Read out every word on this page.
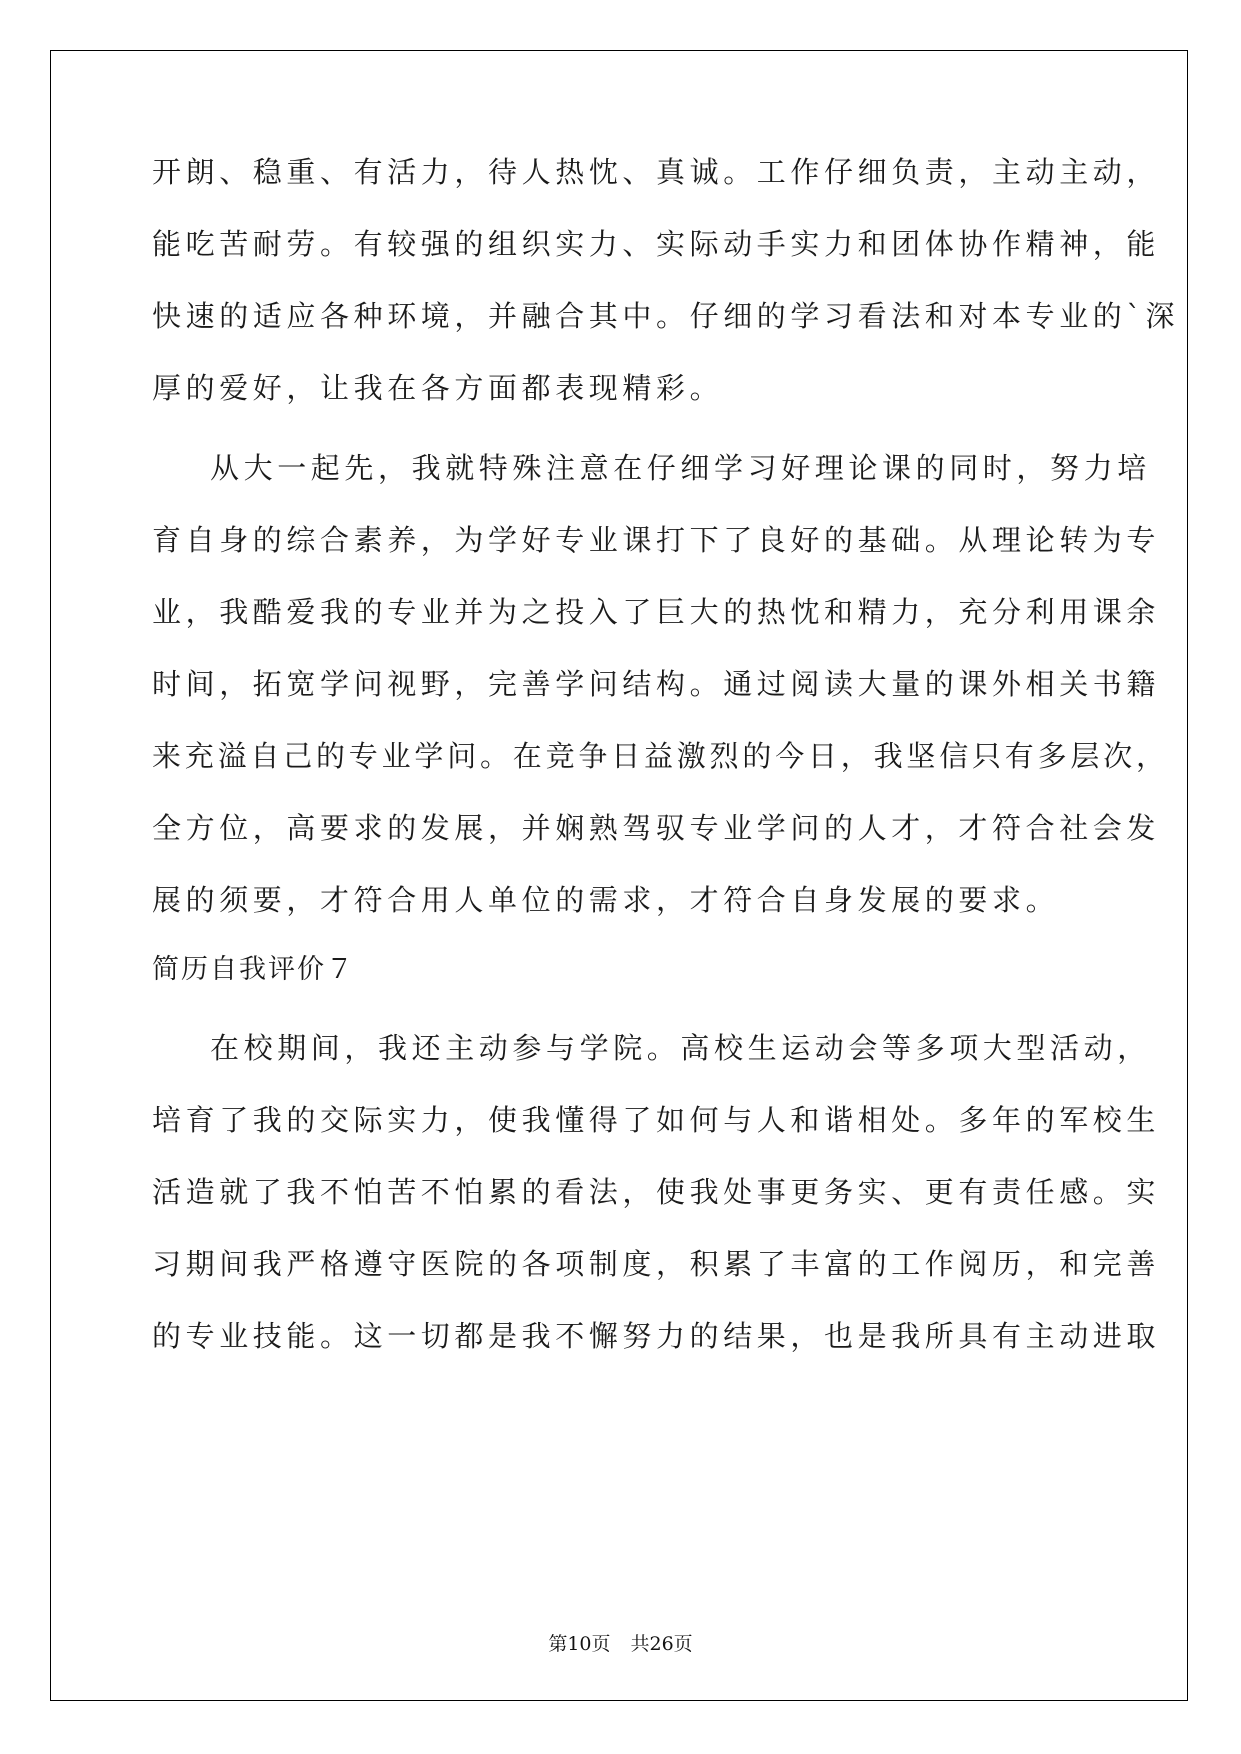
开朗、稳重、有活力，待人热忱、真诚。工作仔细负责，主动主动，
能吃苦耐劳。有较强的组织实力、实际动手实力和团体协作精神，能
快速的适应各种环境，并融合其中。仔细的学习看法和对本专业的`深
厚的爱好，让我在各方面都表现精彩。
从大一起先，我就特殊注意在仔细学习好理论课的同时，努力培
育自身的综合素养，为学好专业课打下了良好的基础。从理论转为专
业，我酷爱我的专业并为之投入了巨大的热忱和精力，充分利用课余
时间，拓宽学问视野，完善学问结构。通过阅读大量的课外相关书籍
来充溢自己的专业学问。在竞争日益激烈的今日，我坚信只有多层次，
全方位，高要求的发展，并娴熟驾驭专业学问的人才，才符合社会发
展的须要，才符合用人单位的需求，才符合自身发展的要求。
简历自我评价７
在校期间，我还主动参与学院。高校生运动会等多项大型活动，
培育了我的交际实力，使我懂得了如何与人和谐相处。多年的军校生
活造就了我不怕苦不怕累的看法，使我处事更务实、更有责任感。实
习期间我严格遵守医院的各项制度，积累了丰富的工作阅历，和完善
的专业技能。这一切都是我不懈努力的结果，也是我所具有主动进取
第10页 共26页
